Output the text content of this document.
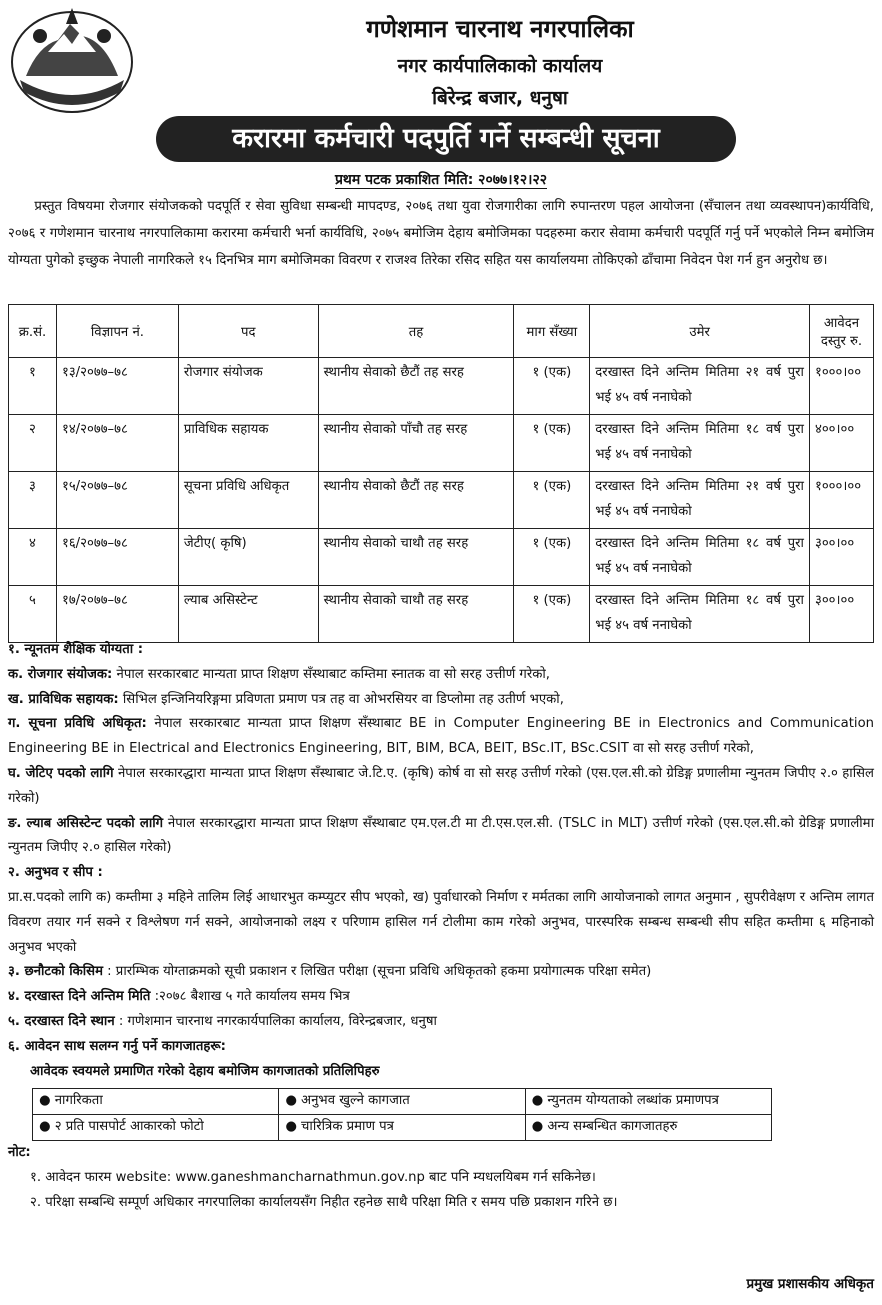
गणेशमान चारनाथ नगरपालिका
नगर कार्यपालिकाको कार्यालय
बिरेन्द्र बजार, धनुषा
करारमा कर्मचारी पदपुर्ति गर्ने सम्बन्धी सूचना
प्रथम पटक प्रकाशित मिति: २०७७।१२।२२
प्रस्तुत विषयमा रोजगार संयोजकको पदपूर्ति र सेवा सुविधा सम्बन्धी मापदण्ड, २०७६ तथा युवा रोजगारीका लागि रुपान्तरण पहल आयोजना (सँचालन तथा व्यवस्थापन)कार्यविधि, २०७६ र गणेशमान चारनाथ नगरपालिकामा करारमा कर्मचारी भर्ना कार्यविधि, २०७५ बमोजिम देहाय बमोजिमका पदहरुमा करार सेवामा कर्मचारी पदपूर्ति गर्नु पर्ने भएकोले निम्न बमोजिम योग्यता पुगेको इच्छुक नेपाली नागरिकले १५ दिनभित्र माग बमोजिमका विवरण र राजश्व तिरेका रसिद सहित यस कार्यालयमा तोकिएको ढाँचामा निवेदन पेश गर्न हुन अनुरोध छ।
क्र.सं.	विज्ञापन नं.	पद	तह	माग सँख्या	उमेर	आवेदन दस्तुर रु.
१	१३/२०७७–७८	रोजगार संयोजक	स्थानीय सेवाको छैटौं तह सरह	१ (एक)	दरखास्त दिने अन्तिम मितिमा २१ वर्ष पुरा भई ४५ वर्ष ननाघेको	१०००।००
२	१४/२०७७–७८	प्राविधिक सहायक	स्थानीय सेवाको पाँचौ तह सरह	१ (एक)	दरखास्त दिने अन्तिम मितिमा १८ वर्ष पुरा भई ४५ वर्ष ननाघेको	४००।००
३	१५/२०७७–७८	सूचना प्रविधि अधिकृत	स्थानीय सेवाको छैटौं तह सरह	१ (एक)	दरखास्त दिने अन्तिम मितिमा २१ वर्ष पुरा भई ४५ वर्ष ननाघेको	१०००।००
४	१६/२०७७–७८	जेटीए( कृषि)	स्थानीय सेवाको चाथौ तह सरह	१ (एक)	दरखास्त दिने अन्तिम मितिमा १८ वर्ष पुरा भई ४५ वर्ष ननाघेको	३००।००
५	१७/२०७७–७८	ल्याब असिस्टेन्ट	स्थानीय सेवाको चाथौ तह सरह	१ (एक)	दरखास्त दिने अन्तिम मितिमा १८ वर्ष पुरा भई ४५ वर्ष ननाघेको	३००।००

१. न्यूनतम शैक्षिक योग्यता :

क. रोजगार संयोजक: नेपाल सरकारबाट मान्यता प्राप्त शिक्षण सँस्थाबाट कम्तिमा स्नातक वा सो सरह उत्तीर्ण गरेको,

ख. प्राविधिक सहायक: सिभिल इन्जिनियरिङ्गमा प्रविणता प्रमाण पत्र तह वा ओभरसियर वा डिप्लोमा तह उतीर्ण भएको,

ग. सूचना प्रविधि अधिकृत: नेपाल सरकारबाट मान्यता प्राप्त शिक्षण सँस्थाबाट BE in Computer Engineering BE in Electronics and Communication Engineering BE in Electrical and Electronics Engineering, BIT, BIM, BCA, BEIT, BSc.IT, BSc.CSIT वा सो सरह उत्तीर्ण गरेको,

घ. जेटिए पदको लागि नेपाल सरकारद्धारा मान्यता प्राप्त शिक्षण सँस्थाबाट जे.टि.ए. (कृषि) कोर्ष वा सो सरह उत्तीर्ण गरेको (एस.एल.सी.को ग्रेडिङ्ग प्रणालीमा न्युनतम जिपीए २.० हासिल गरेको)

ङ. ल्याब असिस्टेन्ट पदको लागि नेपाल सरकारद्धारा मान्यता प्राप्त शिक्षण सँस्थाबाट एम.एल.टी मा टी.एस.एल.सी. (TSLC in MLT) उत्तीर्ण गरेको (एस.एल.सी.को ग्रेडिङ्ग प्रणालीमा न्युनतम जिपीए २.० हासिल गरेको)

२. अनुभव र सीप :

प्रा.स.पदको लागि क) कम्तीमा ३ महिने तालिम लिई आधारभुत कम्प्युटर सीप भएको, ख) पुर्वाधारको निर्माण र मर्मतका लागि आयोजनाको लागत अनुमान , सुपरीवेक्षण र अन्तिम लागत विवरण तयार गर्न सक्ने र विश्लेषण गर्न सक्ने, आयोजनाको लक्ष्य र परिणाम हासिल गर्न टोलीमा काम गरेको अनुभव, पारस्परिक सम्बन्ध सम्बन्धी सीप सहित कम्तीमा ६ महिनाको अनुभव भएको

३. छनौटको किसिम : प्रारम्भिक योग्ताक्रमको सूची प्रकाशन र लिखित परीक्षा (सूचना प्रविधि अधिकृतको हकमा प्रयोगात्मक परिक्षा समेत)

४. दरखास्त दिने अन्तिम मिति :२०७८ बैशाख ५ गते कार्यालय समय भित्र

५. दरखास्त दिने स्थान : गणेशमान चारनाथ नगरकार्यपालिका कार्यालय, विरेन्द्रबजार, धनुषा

६. आवेदन साथ सलग्न गर्नु पर्ने कागजातहरू:

आवेदक स्वयमले प्रमाणित गरेको देहाय बमोजिम कागजातको प्रतिलिपिहरु

● नागरिकता	● अनुभव खुल्ने कागजात	● न्युनतम योग्यताको लब्धांक प्रमाणपत्र
● २ प्रति पासपोर्ट आकारको फोटो	● चारित्रिक प्रमाण पत्र	● अन्य सम्बन्धित कागजातहरु

नोट:

१. आवेदन फारम website: www.ganeshmancharnathmun.gov.np बाट पनि म्यधलयिबम गर्न सकिनेछ।

२. परिक्षा सम्बन्धि सम्पूर्ण अधिकार नगरपालिका कार्यालयसँग निहीत रहनेछ साथै परिक्षा मिति र समय पछि प्रकाशन गरिने छ।

प्रमुख प्रशासकीय अधिकृत
